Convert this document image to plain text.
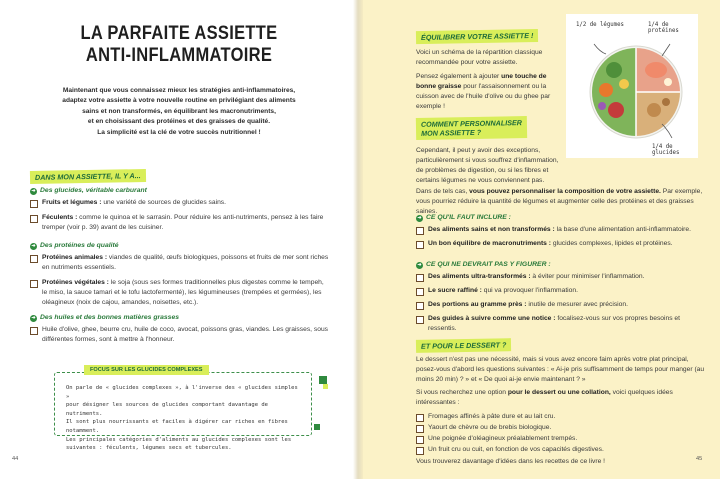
LA PARFAITE ASSIETTE
ANTI-INFLAMMATOIRE
Maintenant que vous connaissez mieux les stratégies anti-inflammatoires,
adaptez votre assiette à votre nouvelle routine en privilégiant des aliments
sains et non transformés, en équilibrant les macronutriments,
et en choisissant des protéines et des graisses de qualité.
La simplicité est la clé de votre succès nutritionnel !
DANS MON ASSIETTE, IL Y A...
➜ Des glucides, véritable carburant
Fruits et légumes : une variété de sources de glucides sains.
Féculents : comme le quinoa et le sarrasin. Pour réduire les anti-nutriments, pensez à les faire tremper (voir p. 39) avant de les cuisiner.
➜ Des protéines de qualité
Protéines animales : viandes de qualité, œufs biologiques, poissons et fruits de mer sont riches en nutriments essentiels.
Protéines végétales : le soja (sous ses formes traditionnelles plus digestes comme le tempeh, le miso, la sauce tamari et le tofu lactofermenté), les légumineuses (trempées et germées), les oléagineux (noix de cajou, amandes, noisettes, etc.).
➜ Des huiles et des bonnes matières grasses
Huile d'olive, ghee, beurre cru, huile de coco, avocat, poissons gras, viandes. Les graisses, sous différentes formes, sont à mettre à l'honneur.
FOCUS SUR LES GLUCIDES COMPLEXES
On parle de « glucides complexes », à l'inverse des « glucides simples »
pour désigner les sources de glucides comportant davantage de nutriments.
Il sont plus nourrissants et faciles à digérer car riches en fibres notamment.
Les principales catégories d'aliments au glucides complexes sont les
suivantes : féculents, légumes secs et tubercules.
44
ÉQUILIBRER VOTRE ASSIETTE !
Voici un schéma de la répartition classique recommandée pour votre assiette.
Pensez également à ajouter une touche de bonne graisse pour l'assaisonnement ou la cuisson avec de l'huile d'olive ou du ghee par exemple !
1/2 de légumes	1/4 de protéines
1/4 de glucides
COMMENT PERSONNALISER
MON ASSIETTE ?
Cependant, il peut y avoir des exceptions, particulièrement si vous souffrez d'inflammation, de problèmes de digestion, ou si les fibres et certains légumes ne vous conviennent pas.
Dans de tels cas, vous pouvez personnaliser la composition de votre assiette. Par exemple, vous pourriez réduire la quantité de légumes et augmenter celle des protéines et des graisses saines.
➜ CE QU'IL FAUT INCLURE :
Des aliments sains et non transformés : la base d'une alimentation anti-inflammatoire.
Un bon équilibre de macronutriments : glucides complexes, lipides et protéines.
➜ CE QUI NE DEVRAIT PAS Y FIGURER :
Des aliments ultra-transformés : à éviter pour minimiser l'inflammation.
Le sucre raffiné : qui va provoquer l'inflammation.
Des portions au gramme près : inutile de mesurer avec précision.
Des guides à suivre comme une notice : focalisez-vous sur vos propres besoins et ressentis.
ET POUR LE DESSERT ?
Le dessert n'est pas une nécessité, mais si vous avez encore faim après votre plat principal, posez-vous d'abord les questions suivantes : « Ai-je pris suffisamment de temps pour manger (au moins 20 min) ? » et « De quoi ai-je envie maintenant ? »
Si vous recherchez une option pour le dessert ou une collation, voici quelques idées intéressantes :
Fromages affinés à pâte dure et au lait cru.
Yaourt de chèvre ou de brebis biologique.
Une poignée d'oléagineux préalablement trempés.
Un fruit cru ou cuit, en fonction de vos capacités digestives.
Vous trouverez davantage d'idées dans les recettes de ce livre !	45
